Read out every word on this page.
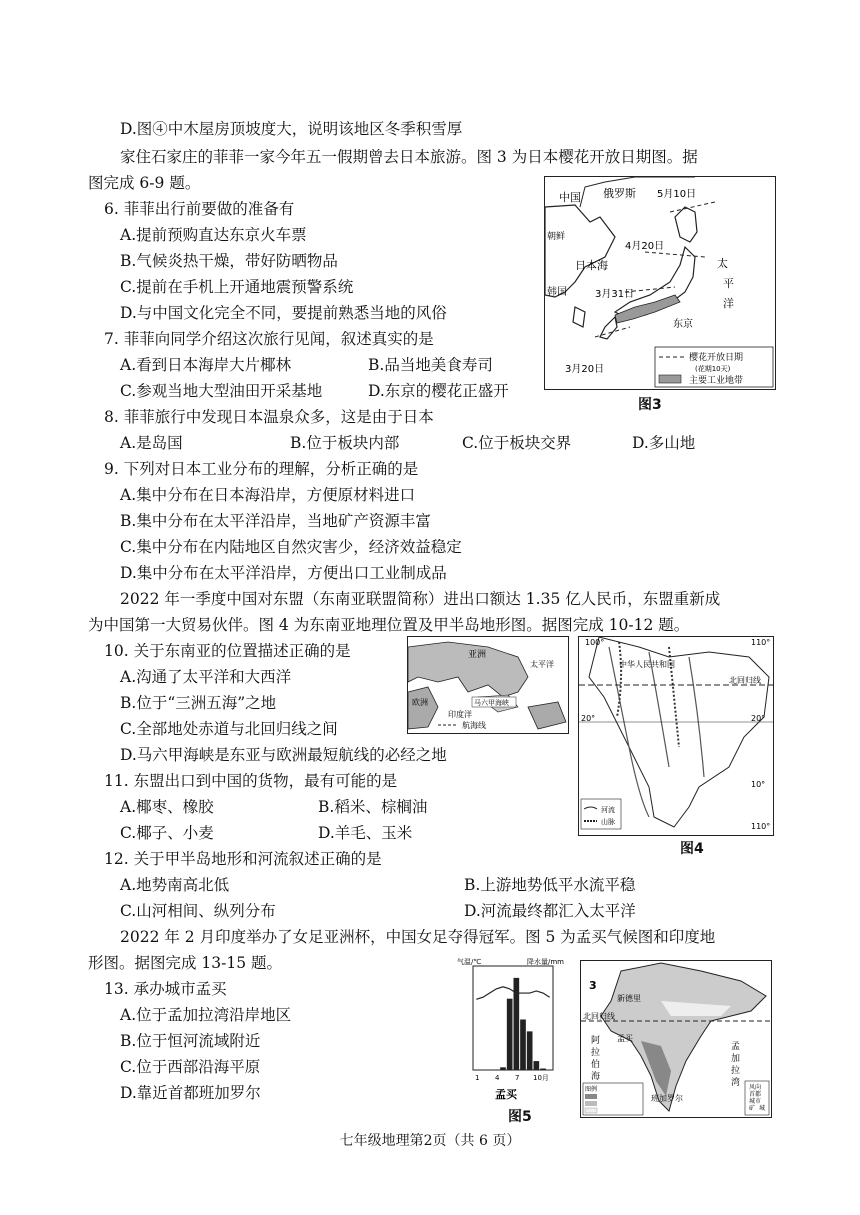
D.图④中木屋房顶坡度大，说明该地区冬季积雪厚
家住石家庄的菲菲一家今年五一假期曾去日本旅游。图 3 为日本樱花开放日期图。据
图完成 6-9 题。
6. 菲菲出行前要做的准备有
A.提前预购直达东京火车票
B.气候炎热干燥，带好防晒物品
C.提前在手机上开通地震预警系统
D.与中国文化完全不同，要提前熟悉当地的风俗
7. 菲菲向同学介绍这次旅行见闻，叙述真实的是
A.看到日本海岸大片椰林	B.品当地美食寿司
C.参观当地大型油田开采基地	D.东京的樱花正盛开
8. 菲菲旅行中发现日本温泉众多，这是由于日本
A.是岛国	B.位于板块内部	C.位于板块交界	D.多山地
9. 下列对日本工业分布的理解，分析正确的是
A.集中分布在日本海沿岸，方便原材料进口
B.集中分布在太平洋沿岸，当地矿产资源丰富
C.集中分布在内陆地区自然灾害少，经济效益稳定
D.集中分布在太平洋沿岸，方便出口工业制成品
2022 年一季度中国对东盟（东南亚联盟简称）进出口额达 1.35 亿人民币，东盟重新成
为中国第一大贸易伙伴。图 4 为东南亚地理位置及甲半岛地形图。据图完成 10-12 题。
10. 关于东南亚的位置描述正确的是
A.沟通了太平洋和大西洋
B.位于“三洲五海”之地
C.全部地处赤道与北回归线之间
D.马六甲海峡是东亚与欧洲最短航线的必经之地
11. 东盟出口到中国的货物，最有可能的是
A.椰枣、橡胶	B.稻米、棕榈油
C.椰子、小麦	D.羊毛、玉米
12. 关于甲半岛地形和河流叙述正确的是
A.地势南高北低	B.上游地势低平水流平稳
C.山河相间、纵列分布	D.河流最终都汇入太平洋
2022 年 2 月印度举办了女足亚洲杯，中国女足夺得冠军。图 5 为孟买气候图和印度地
形图。据图完成 13-15 题。
13. 承办城市孟买
A.位于孟加拉湾沿岸地区
B.位于恒河流域附近
C.位于西部沿海平原
D.靠近首都班加罗尔
中国 俄罗斯 5月10日
朝鲜
4月20日
日本海
韩国	3月31日
太
平
洋
东京
3月20日
樱花开放日期
(花期10天)
主要工业地带
图3
亚洲
太平洋
欧洲	马六甲海峡
印度洋
航海线
100°	110°
中华人民共和国
北回归线
20°	20°
10°
110°
河流
山脉
图4
气温/℃	降水量/mm
1 4 7 10月
孟买
3
新德里
北回归线
阿
拉
伯
海
孟买
孟
加
拉
湾
班加罗尔
图例	风向
首都
城市
矿 城
图5
七年级地理第2页（共 6 页）
